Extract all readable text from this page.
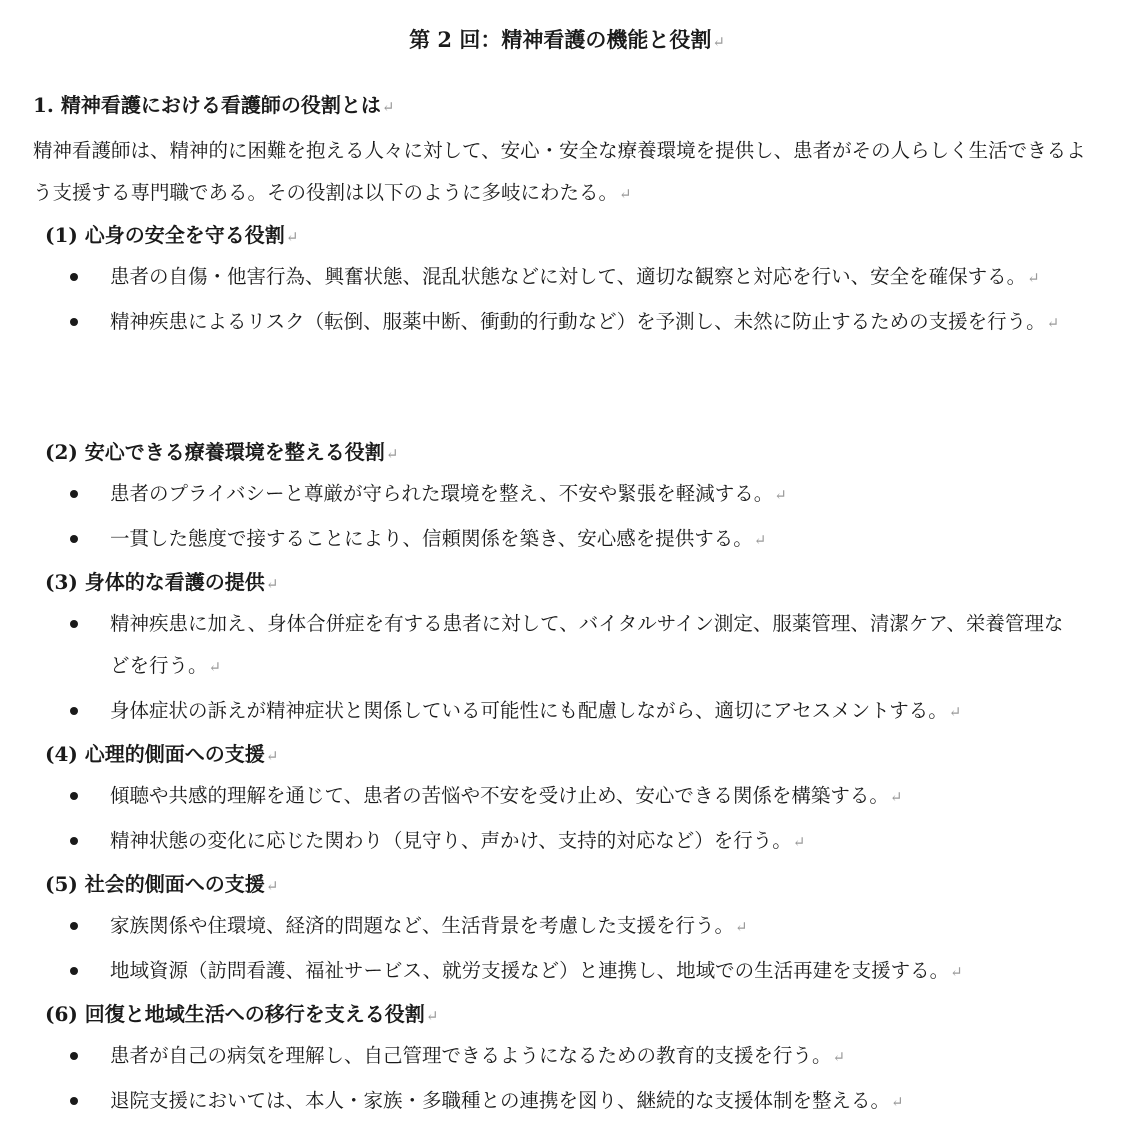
第 2 回：精神看護の機能と役割↵
1. 精神看護における看護師の役割とは↵
精神看護師は、精神的に困難を抱える人々に対して、安心・安全な療養環境を提供し、患者がその人らしく生活できるよう支援する専門職である。その役割は以下のように多岐にわたる。↵
(1) 心身の安全を守る役割↵
患者の自傷・他害行為、興奮状態、混乱状態などに対して、適切な観察と対応を行い、安全を確保する。↵
精神疾患によるリスク（転倒、服薬中断、衝動的行動など）を予測し、未然に防止するための支援を行う。↵
(2) 安心できる療養環境を整える役割↵
患者のプライバシーと尊厳が守られた環境を整え、不安や緊張を軽減する。↵
一貫した態度で接することにより、信頼関係を築き、安心感を提供する。↵
(3) 身体的な看護の提供↵
精神疾患に加え、身体合併症を有する患者に対して、バイタルサイン測定、服薬管理、清潔ケア、栄養管理などを行う。↵
身体症状の訴えが精神症状と関係している可能性にも配慮しながら、適切にアセスメントする。↵
(4) 心理的側面への支援↵
傾聴や共感的理解を通じて、患者の苦悩や不安を受け止め、安心できる関係を構築する。↵
精神状態の変化に応じた関わり（見守り、声かけ、支持的対応など）を行う。↵
(5) 社会的側面への支援↵
家族関係や住環境、経済的問題など、生活背景を考慮した支援を行う。↵
地域資源（訪問看護、福祉サービス、就労支援など）と連携し、地域での生活再建を支援する。↵
(6) 回復と地域生活への移行を支える役割↵
患者が自己の病気を理解し、自己管理できるようになるための教育的支援を行う。↵
退院支援においては、本人・家族・多職種との連携を図り、継続的な支援体制を整える。↵
